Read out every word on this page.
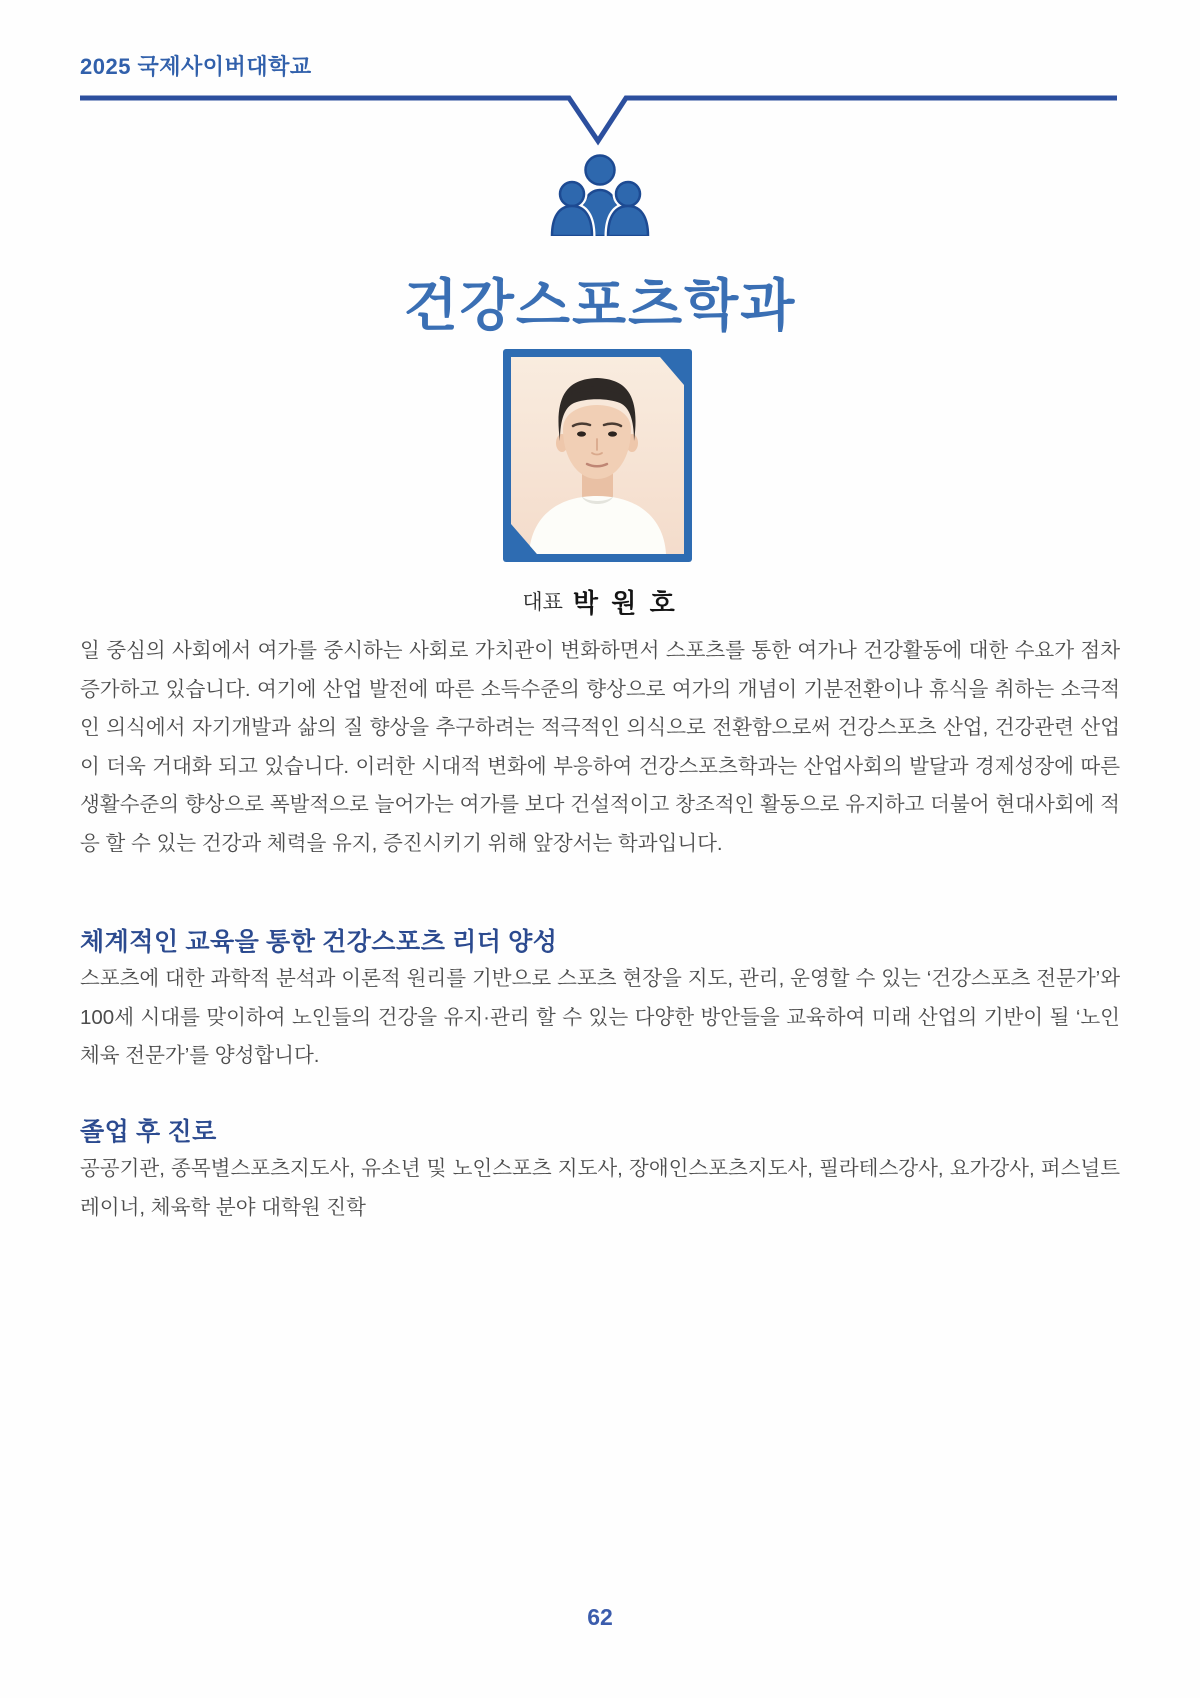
2025 국제사이버대학교
건강스포츠학과
대표 박 원 호
일 중심의 사회에서 여가를 중시하는 사회로 가치관이 변화하면서 스포츠를 통한 여가나 건강활동에 대한 수요가 점차 증가하고 있습니다. 여기에 산업 발전에 따른 소득수준의 향상으로 여가의 개념이 기분전환이나 휴식을 취하는 소극적인 의식에서 자기개발과 삶의 질 향상을 추구하려는 적극적인 의식으로 전환함으로써 건강스포츠 산업, 건강관련 산업이 더욱 거대화 되고 있습니다. 이러한 시대적 변화에 부응하여 건강스포츠학과는 산업사회의 발달과 경제성장에 따른 생활수준의 향상으로 폭발적으로 늘어가는 여가를 보다 건설적이고 창조적인 활동으로 유지하고 더불어 현대사회에 적응 할 수 있는 건강과 체력을 유지, 증진시키기 위해 앞장서는 학과입니다.
체계적인 교육을 통한 건강스포츠 리더 양성
스포츠에 대한 과학적 분석과 이론적 원리를 기반으로 스포츠 현장을 지도, 관리, 운영할 수 있는 ‘건강스포츠 전문가’와 100세 시대를 맞이하여 노인들의 건강을 유지·관리 할 수 있는 다양한 방안들을 교육하여 미래 산업의 기반이 될 ‘노인체육 전문가’를 양성합니다.
졸업 후 진로
공공기관, 종목별스포츠지도사, 유소년 및 노인스포츠 지도사, 장애인스포츠지도사, 필라테스강사, 요가강사, 퍼스널트레이너, 체육학 분야 대학원 진학
62
